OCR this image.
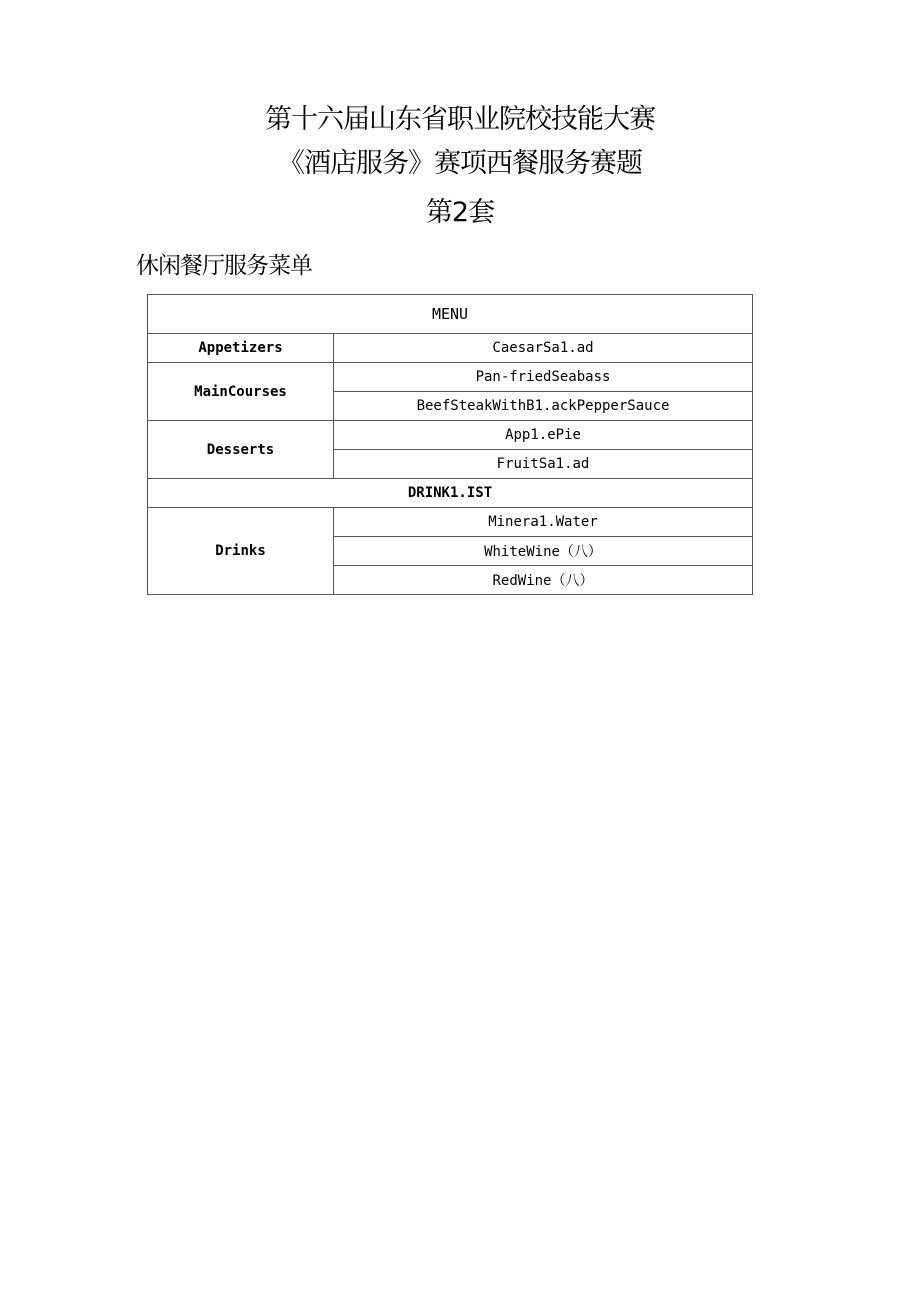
第十六届山东省职业院校技能大赛
《酒店服务》赛项西餐服务赛题
第2套
休闲餐厅服务菜单
MENU	
Appetizers	CaesarSa1.ad
MainCourses	Pan-friedSeabass
	BeefSteakWithB1.ackPepperSauce
Desserts	App1.ePie
	FruitSa1.ad
DRINK1.IST	
Drinks	Minera1.Water
	WhiteWine（八）
	RedWine（八）
